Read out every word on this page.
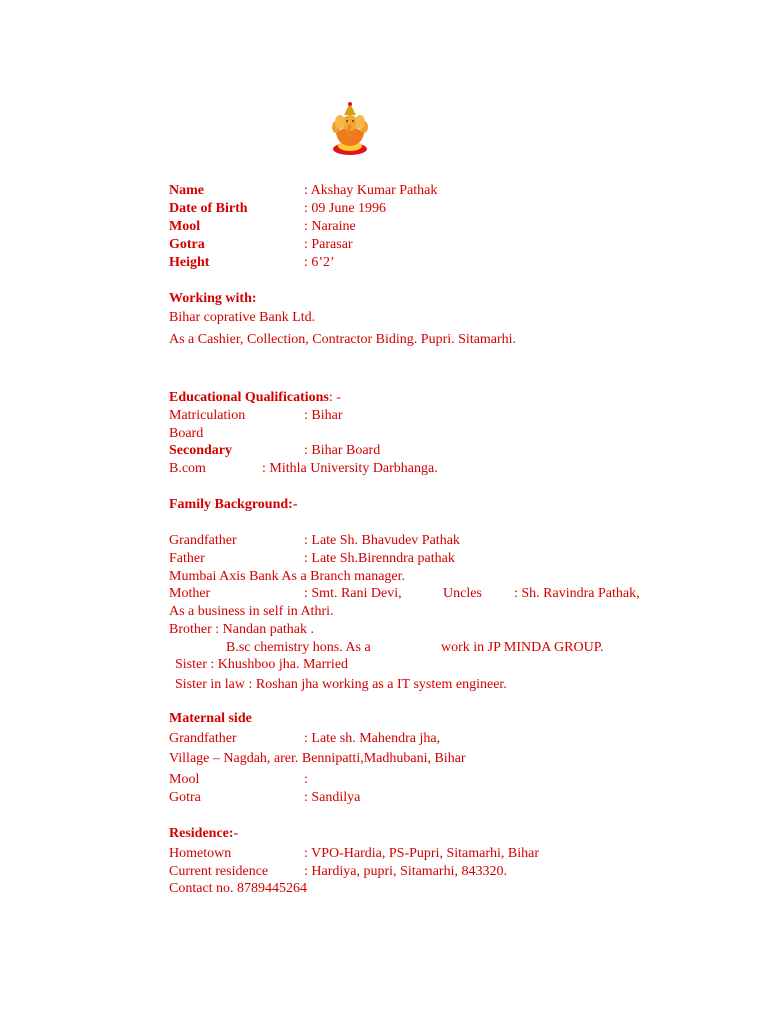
Name	: Akshay Kumar Pathak
Date of Birth	: 09 June 1996
Mool	: Naraine
Gotra	: Parasar
Height	: 6’2’
Working with:
Bihar coprative Bank Ltd.
As a Cashier, Collection, Contractor Biding. Pupri. Sitamarhi.
Educational Qualifications: -
Matriculation	: Bihar
Board
Secondary	: Bihar Board
B.com	: Mithla University Darbhanga.
Family Background:-
Grandfather	: Late Sh. Bhavudev Pathak
Father	: Late Sh.Birenndra pathak
Mumbai Axis Bank As a Branch manager.
Mother	: Smt. Rani Devi,	Uncles : Sh. Ravindra Pathak,
As a business in self in Athri.
Brother : Nandan pathak .
B.sc chemistry hons. As a	work in JP MINDA GROUP.
Sister : Khushboo jha. Married
Sister in law : Roshan jha working as a IT system engineer.
Maternal side
Grandfather	: Late sh. Mahendra jha,
Village – Nagdah, arer. Bennipatti,Madhubani, Bihar
Mool	:
Gotra	: Sandilya
Residence:-
Hometown	: VPO-Hardia, PS-Pupri, Sitamarhi, Bihar
Current residence	: Hardiya, pupri, Sitamarhi, 843320.
Contact no. 8789445264
